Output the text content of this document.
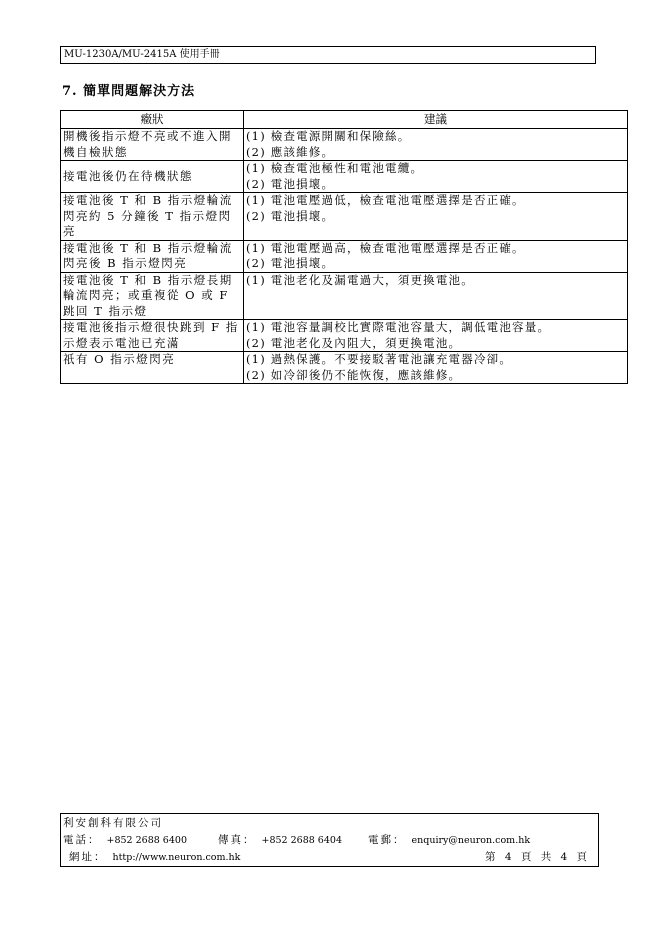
MU-1230A/MU-2415A 使用手冊
7. 簡單問題解決方法
癥狀	建議
開機後指示燈不亮或不進入開機自檢狀態	(1) 檢查電源開關和保險絲。
(2) 應該維修。

接電池後仍在待機狀態	(1) 檢查電池極性和電池電纜。
(2) 電池損壞。

接電池後 T 和 B 指示燈輪流閃亮約 5 分鐘後 T 指示燈閃亮	(1) 電池電壓過低，檢查電池電壓選擇是否正確。
(2) 電池損壞。

接電池後 T 和 B 指示燈輪流閃亮後 B 指示燈閃亮	(1) 電池電壓過高，檢查電池電壓選擇是否正確。
(2) 電池損壞。

接電池後 T 和 B 指示燈長期輪流閃亮；或重複從 O 或 F 跳回 T 指示燈	(1) 電池老化及漏電過大，須更換電池。

接電池後指示燈很快跳到 F 指示燈表示電池已充滿	(1) 電池容量調校比實際電池容量大，調低電池容量。
(2) 電池老化及內阻大，須更換電池。

祇有 O 指示燈閃亮	(1) 過熱保護。不要接駁著電池讓充電器冷卻。
(2) 如冷卻後仍不能恢復，應該維修。
利安創科有限公司
電話： +852 2688 6400	傳真： +852 2688 6404 電郵： enquiry@neuron.com.hk
網址： http://www.neuron.com.hk	第 4 頁 共 4 頁
